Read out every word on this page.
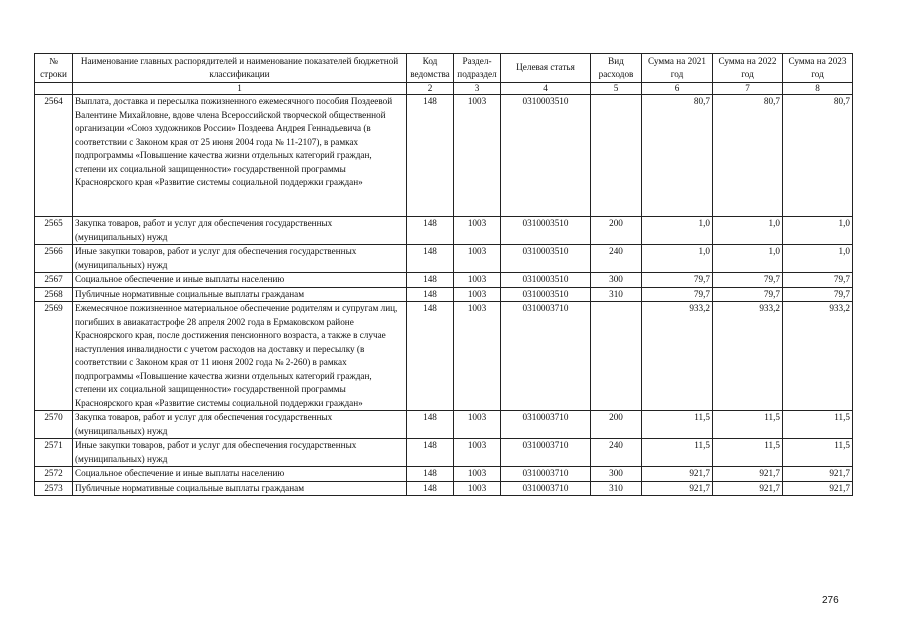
№ строки	Наименование главных распорядителей и наименование показателей бюджетной классификации	Код ведомства	Раздел-подраздел	Целевая статья	Вид расходов	Сумма на 2021 год	Сумма на 2022 год	Сумма на 2023 год
	1	2	3	4	5	6	7	8
2564	Выплата, доставка и пересылка пожизненного ежемесячного пособия Поздеевой Валентине Михайловне, вдове члена Всероссийской творческой общественной организации «Союз художников России» Поздеева Андрея Геннадьевича (в соответствии с Законом края от 25 июня 2004 года № 11-2107), в рамках подпрограммы «Повышение качества жизни отдельных категорий граждан, степени их социальной защищенности» государственной программы Красноярского края «Развитие системы социальной поддержки граждан»	148	1003	0310003510		80,7	80,7	80,7
2565	Закупка товаров, работ и услуг для обеспечения государственных (муниципальных) нужд	148	1003	0310003510	200	1,0	1,0	1,0
2566	Иные закупки товаров, работ и услуг для обеспечения государственных (муниципальных) нужд	148	1003	0310003510	240	1,0	1,0	1,0
2567	Социальное обеспечение и иные выплаты населению	148	1003	0310003510	300	79,7	79,7	79,7
2568	Публичные нормативные социальные выплаты гражданам	148	1003	0310003510	310	79,7	79,7	79,7
2569	Ежемесячное пожизненное материальное обеспечение родителям и супругам лиц, погибших в авиакатастрофе 28 апреля 2002 года в Ермаковском районе Красноярского края, после достижения пенсионного возраста, а также в случае наступления инвалидности с учетом расходов на доставку и пересылку (в соответствии с Законом края от 11 июня 2002 года № 2-260) в рамках подпрограммы «Повышение качества жизни отдельных категорий граждан, степени их социальной защищенности» государственной программы Красноярского края «Развитие системы социальной поддержки граждан»	148	1003	0310003710		933,2	933,2	933,2
2570	Закупка товаров, работ и услуг для обеспечения государственных (муниципальных) нужд	148	1003	0310003710	200	11,5	11,5	11,5
2571	Иные закупки товаров, работ и услуг для обеспечения государственных (муниципальных) нужд	148	1003	0310003710	240	11,5	11,5	11,5
2572	Социальное обеспечение и иные выплаты населению	148	1003	0310003710	300	921,7	921,7	921,7
2573	Публичные нормативные социальные выплаты гражданам	148	1003	0310003710	310	921,7	921,7	921,7
276
